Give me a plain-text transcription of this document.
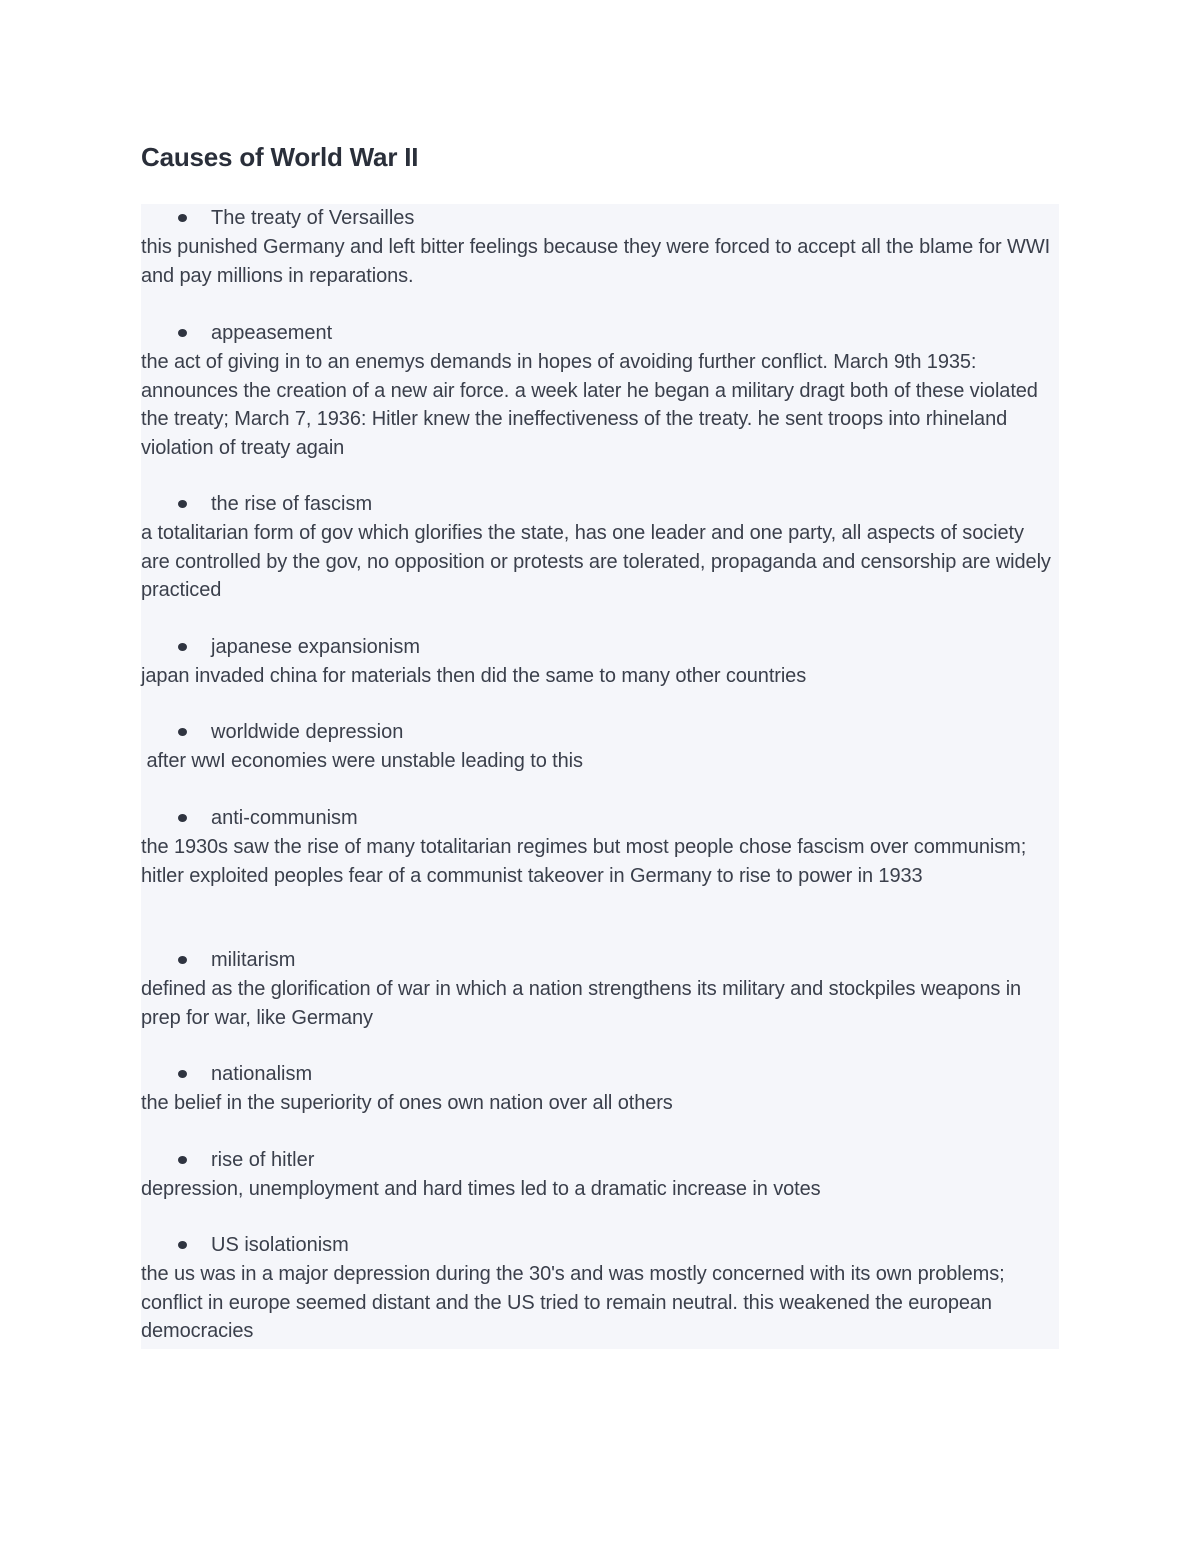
Causes of World War II
The treaty of Versailles

this punished Germany and left bitter feelings because they were forced to accept all the blame for WWI and pay millions in reparations.

appeasement

the act of giving in to an enemys demands in hopes of avoiding further conflict. March 9th 1935: announces the creation of a new air force. a week later he began a military dragt both of these violated the treaty; March 7, 1936: Hitler knew the ineffectiveness of the treaty. he sent troops into rhineland violation of treaty again

the rise of fascism

a totalitarian form of gov which glorifies the state, has one leader and one party, all aspects of society are controlled by the gov, no opposition or protests are tolerated, propaganda and censorship are widely practiced

japanese expansionism

japan invaded china for materials then did the same to many other countries

worldwide depression

after wwI economies were unstable leading to this

anti-communism

the 1930s saw the rise of many totalitarian regimes but most people chose fascism over communism; hitler exploited peoples fear of a communist takeover in Germany to rise to power in 1933

militarism

defined as the glorification of war in which a nation strengthens its military and stockpiles weapons in prep for war, like Germany

nationalism

the belief in the superiority of ones own nation over all others

rise of hitler

depression, unemployment and hard times led to a dramatic increase in votes

US isolationism

the us was in a major depression during the 30's and was mostly concerned with its own problems; conflict in europe seemed distant and the US tried to remain neutral. this weakened the european democracies
